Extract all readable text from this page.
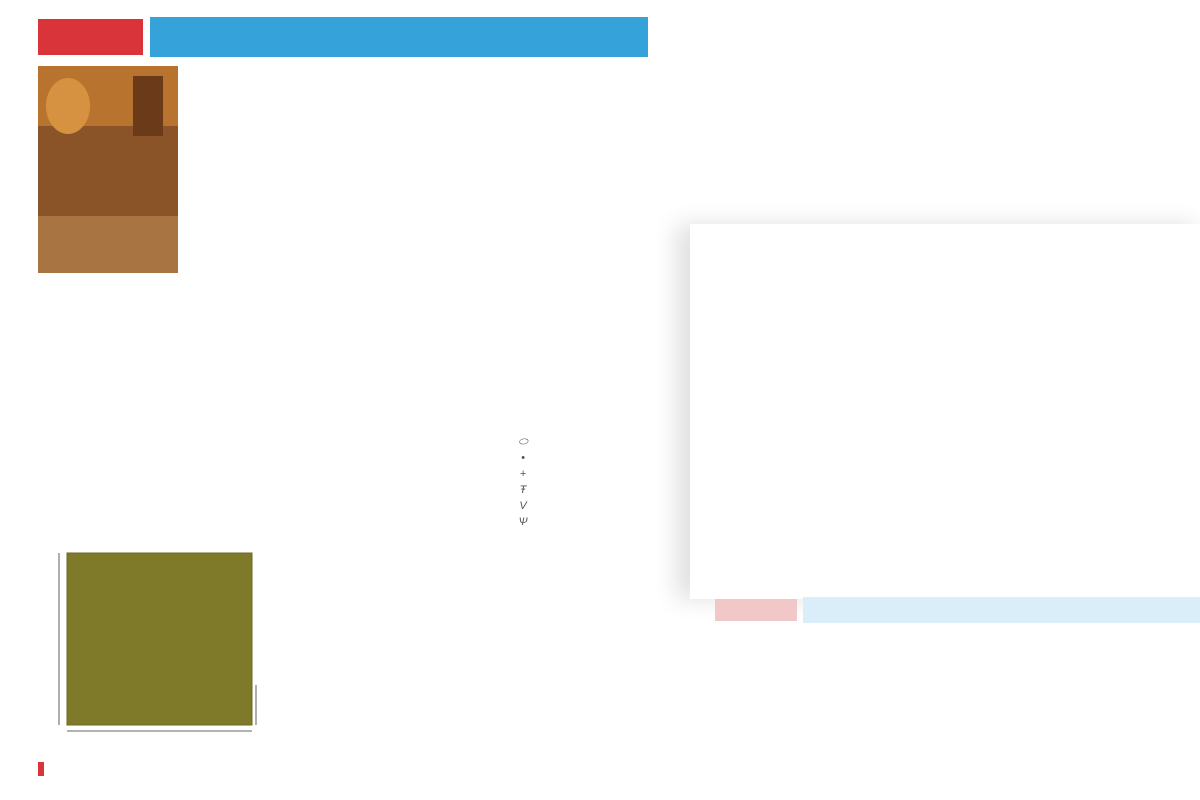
⬭
•
+
Ŧ
V
Ѱ
